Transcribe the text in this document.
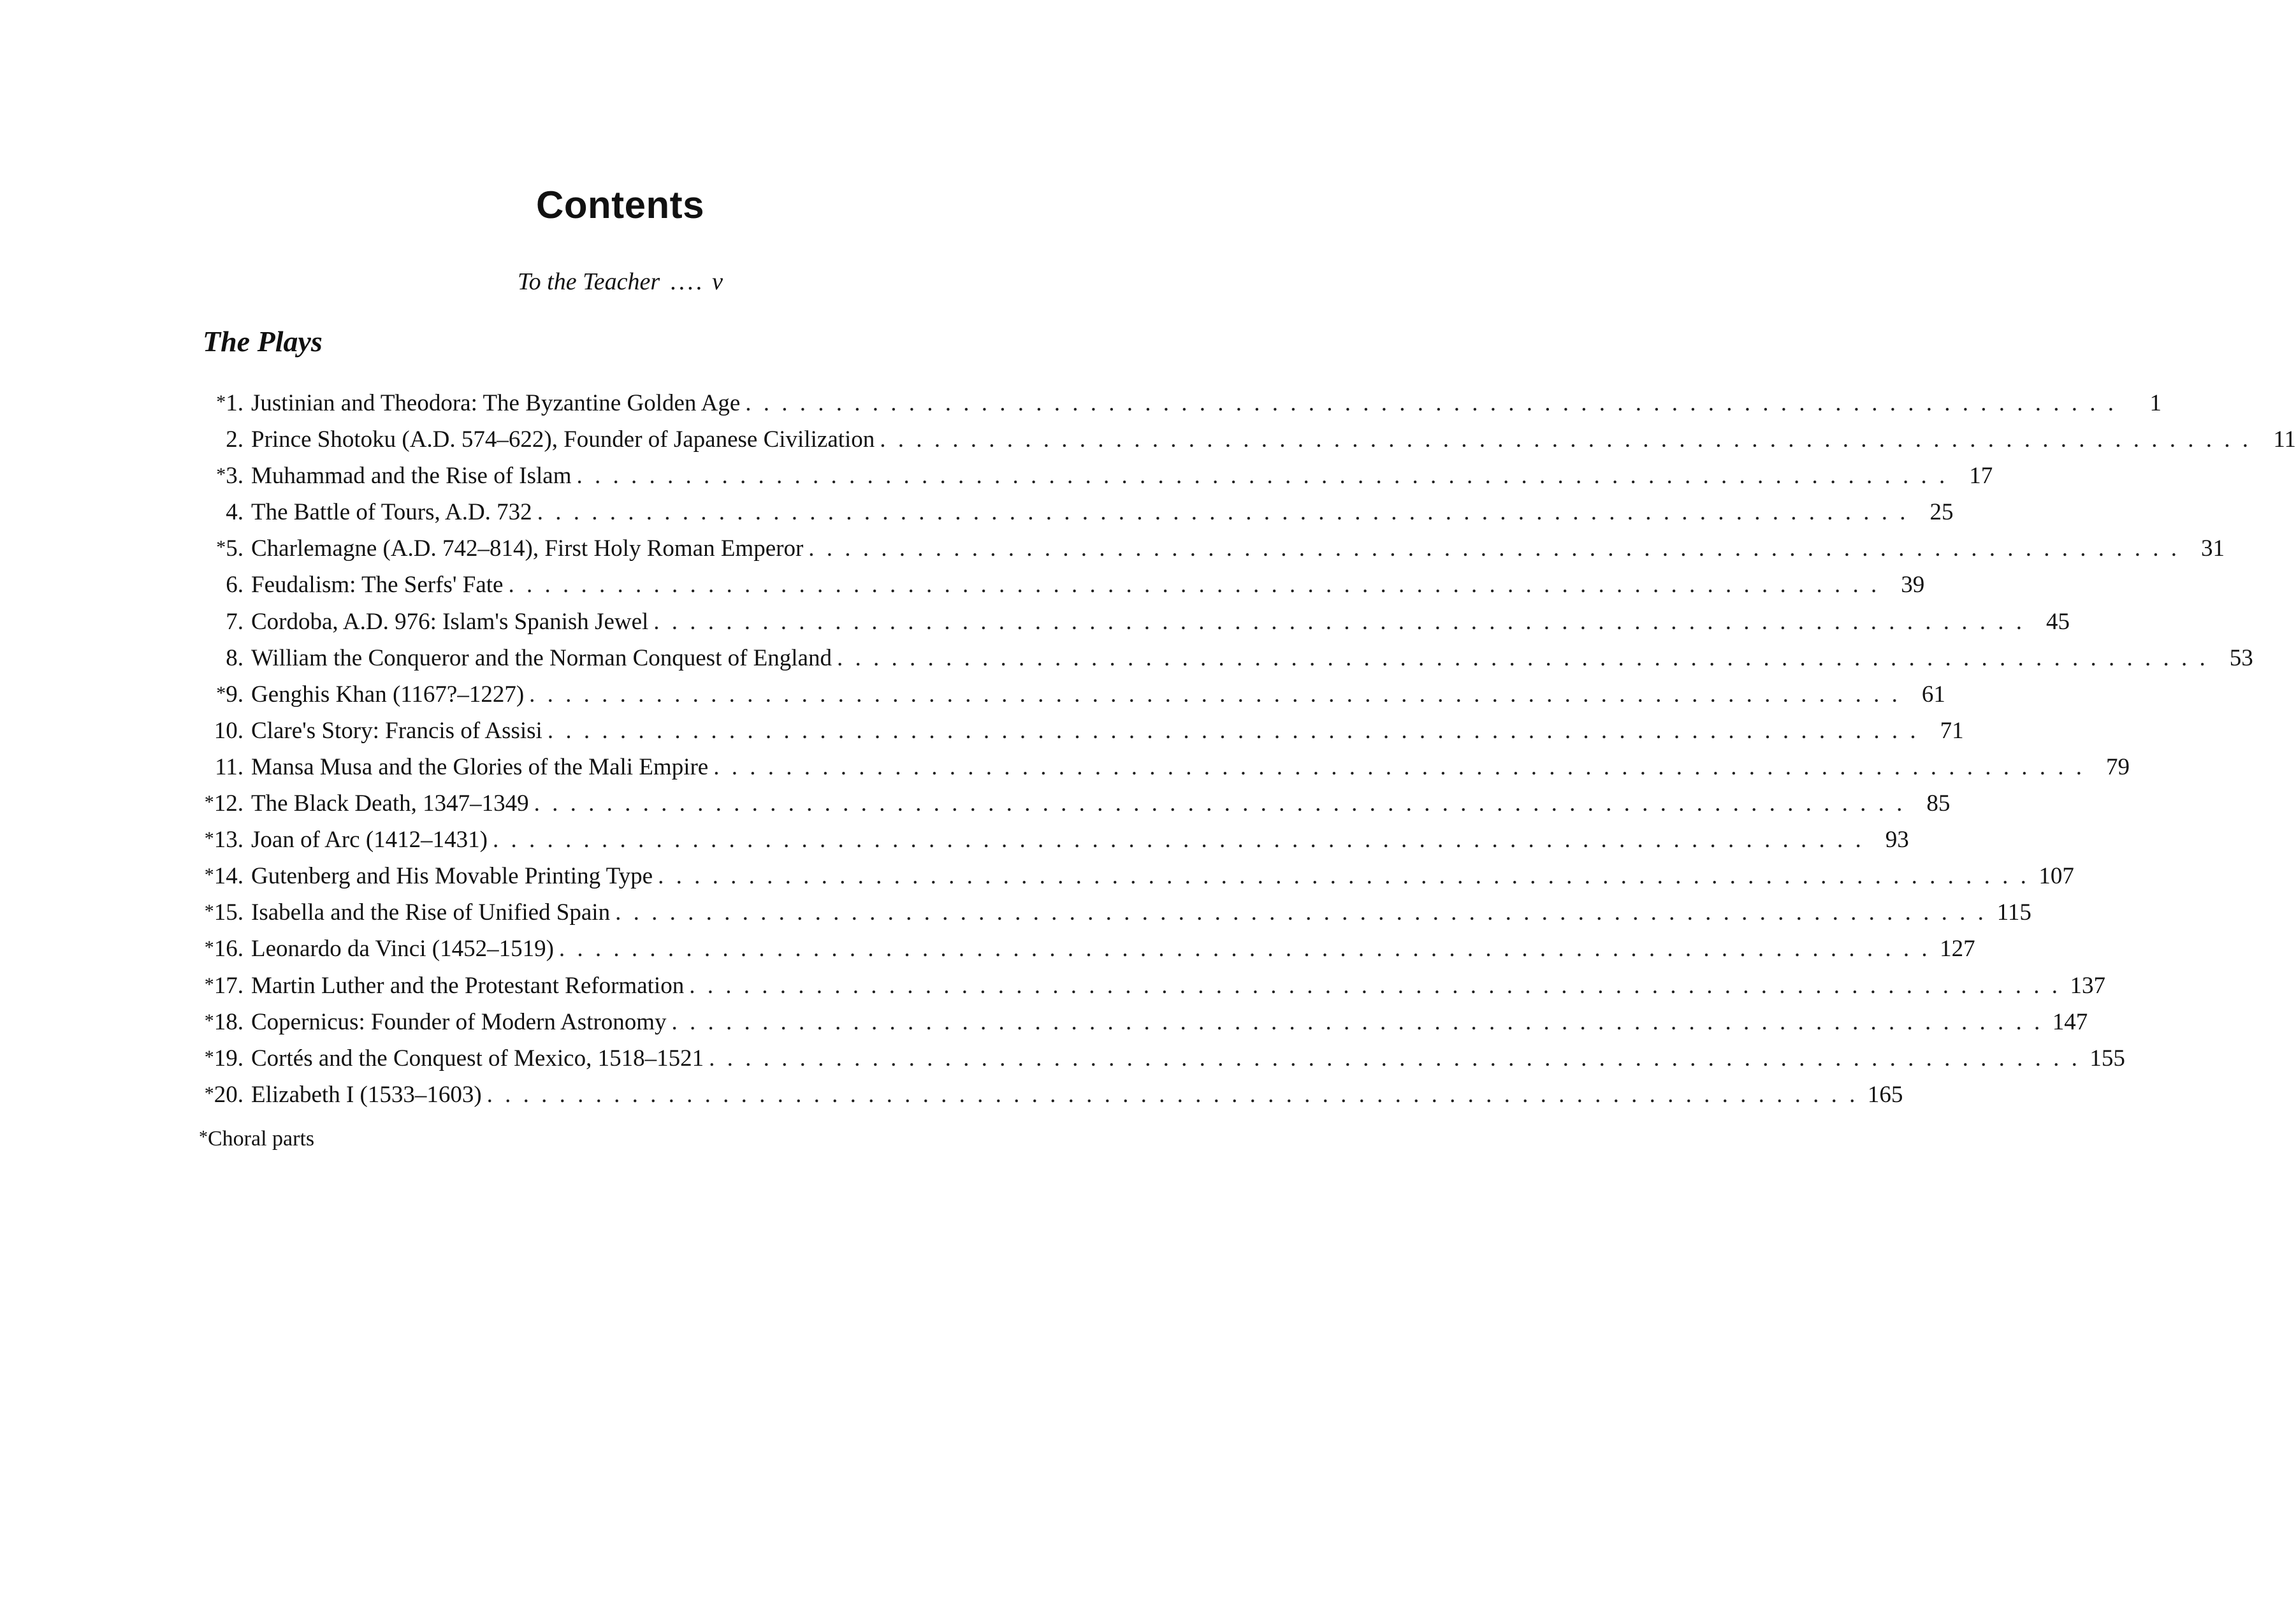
Contents
To the Teacher .... v
The Plays
*1. Justinian and Theodora: The Byzantine Golden Age . . . . . . . . . . . . . . . . . . . . . . . . . . . . . . . . . . . . . . . . . . . . . . . . . . . . . . . . . . . . . . . . . . . . . . . . . . . .	1
2. Prince Shotoku (A.D. 574–622), Founder of Japanese Civilization . . . . . . . . . . . . . . . . . . . . . . . . . . . . . . . . . . . . . . . . . . . . . . . . . . . . . . . . . . . . . . . . . . . . . . . . . . . . 11
*3. Muhammad and the Rise of Islam . . . . . . . . . . . . . . . . . . . . . . . . . . . . . . . . . . . . . . . . . . . . . . . . . . . . . . . . . . . . . . . . . . . . . . . . . . . . 17
4. The Battle of Tours, A.D. 732 . . . . . . . . . . . . . . . . . . . . . . . . . . . . . . . . . . . . . . . . . . . . . . . . . . . . . . . . . . . . . . . . . . . . . . . . . . . . 25
*5. Charlemagne (A.D. 742–814), First Holy Roman Emperor . . . . . . . . . . . . . . . . . . . . . . . . . . . . . . . . . . . . . . . . . . . . . . . . . . . . . . . . . . . . . . . . . . . . . . . . . . . . 31
6. Feudalism: The Serfs' Fate . . . . . . . . . . . . . . . . . . . . . . . . . . . . . . . . . . . . . . . . . . . . . . . . . . . . . . . . . . . . . . . . . . . . . . . . . . . . 39
7. Cordoba, A.D. 976: Islam's Spanish Jewel . . . . . . . . . . . . . . . . . . . . . . . . . . . . . . . . . . . . . . . . . . . . . . . . . . . . . . . . . . . . . . . . . . . . . . . . . . . . 45
8. William the Conqueror and the Norman Conquest of England . . . . . . . . . . . . . . . . . . . . . . . . . . . . . . . . . . . . . . . . . . . . . . . . . . . . . . . . . . . . . . . . . . . . . . . . . . . . 53
*9. Genghis Khan (1167?–1227) . . . . . . . . . . . . . . . . . . . . . . . . . . . . . . . . . . . . . . . . . . . . . . . . . . . . . . . . . . . . . . . . . . . . . . . . . . . . 61
10. Clare's Story: Francis of Assisi . . . . . . . . . . . . . . . . . . . . . . . . . . . . . . . . . . . . . . . . . . . . . . . . . . . . . . . . . . . . . . . . . . . . . . . . . . . . 71
11. Mansa Musa and the Glories of the Mali Empire . . . . . . . . . . . . . . . . . . . . . . . . . . . . . . . . . . . . . . . . . . . . . . . . . . . . . . . . . . . . . . . . . . . . . . . . . . . . 79
*12. The Black Death, 1347–1349 . . . . . . . . . . . . . . . . . . . . . . . . . . . . . . . . . . . . . . . . . . . . . . . . . . . . . . . . . . . . . . . . . . . . . . . . . . . . 85
*13. Joan of Arc (1412–1431) . . . . . . . . . . . . . . . . . . . . . . . . . . . . . . . . . . . . . . . . . . . . . . . . . . . . . . . . . . . . . . . . . . . . . . . . . . . . 93
*14. Gutenberg and His Movable Printing Type . . . . . . . . . . . . . . . . . . . . . . . . . . . . . . . . . . . . . . . . . . . . . . . . . . . . . . . . . . . . . . . . . . . . . . . . . . . . 107
*15. Isabella and the Rise of Unified Spain . . . . . . . . . . . . . . . . . . . . . . . . . . . . . . . . . . . . . . . . . . . . . . . . . . . . . . . . . . . . . . . . . . . . . . . . . . . . 115
*16. Leonardo da Vinci (1452–1519) . . . . . . . . . . . . . . . . . . . . . . . . . . . . . . . . . . . . . . . . . . . . . . . . . . . . . . . . . . . . . . . . . . . . . . . . . . . . 127
*17. Martin Luther and the Protestant Reformation . . . . . . . . . . . . . . . . . . . . . . . . . . . . . . . . . . . . . . . . . . . . . . . . . . . . . . . . . . . . . . . . . . . . . . . . . . . . 137
*18. Copernicus: Founder of Modern Astronomy . . . . . . . . . . . . . . . . . . . . . . . . . . . . . . . . . . . . . . . . . . . . . . . . . . . . . . . . . . . . . . . . . . . . . . . . . . . . 147
*19. Cortés and the Conquest of Mexico, 1518–1521 . . . . . . . . . . . . . . . . . . . . . . . . . . . . . . . . . . . . . . . . . . . . . . . . . . . . . . . . . . . . . . . . . . . . . . . . . . . . 155
*20. Elizabeth I (1533–1603) . . . . . . . . . . . . . . . . . . . . . . . . . . . . . . . . . . . . . . . . . . . . . . . . . . . . . . . . . . . . . . . . . . . . . . . . . . . . 165
*Choral parts
